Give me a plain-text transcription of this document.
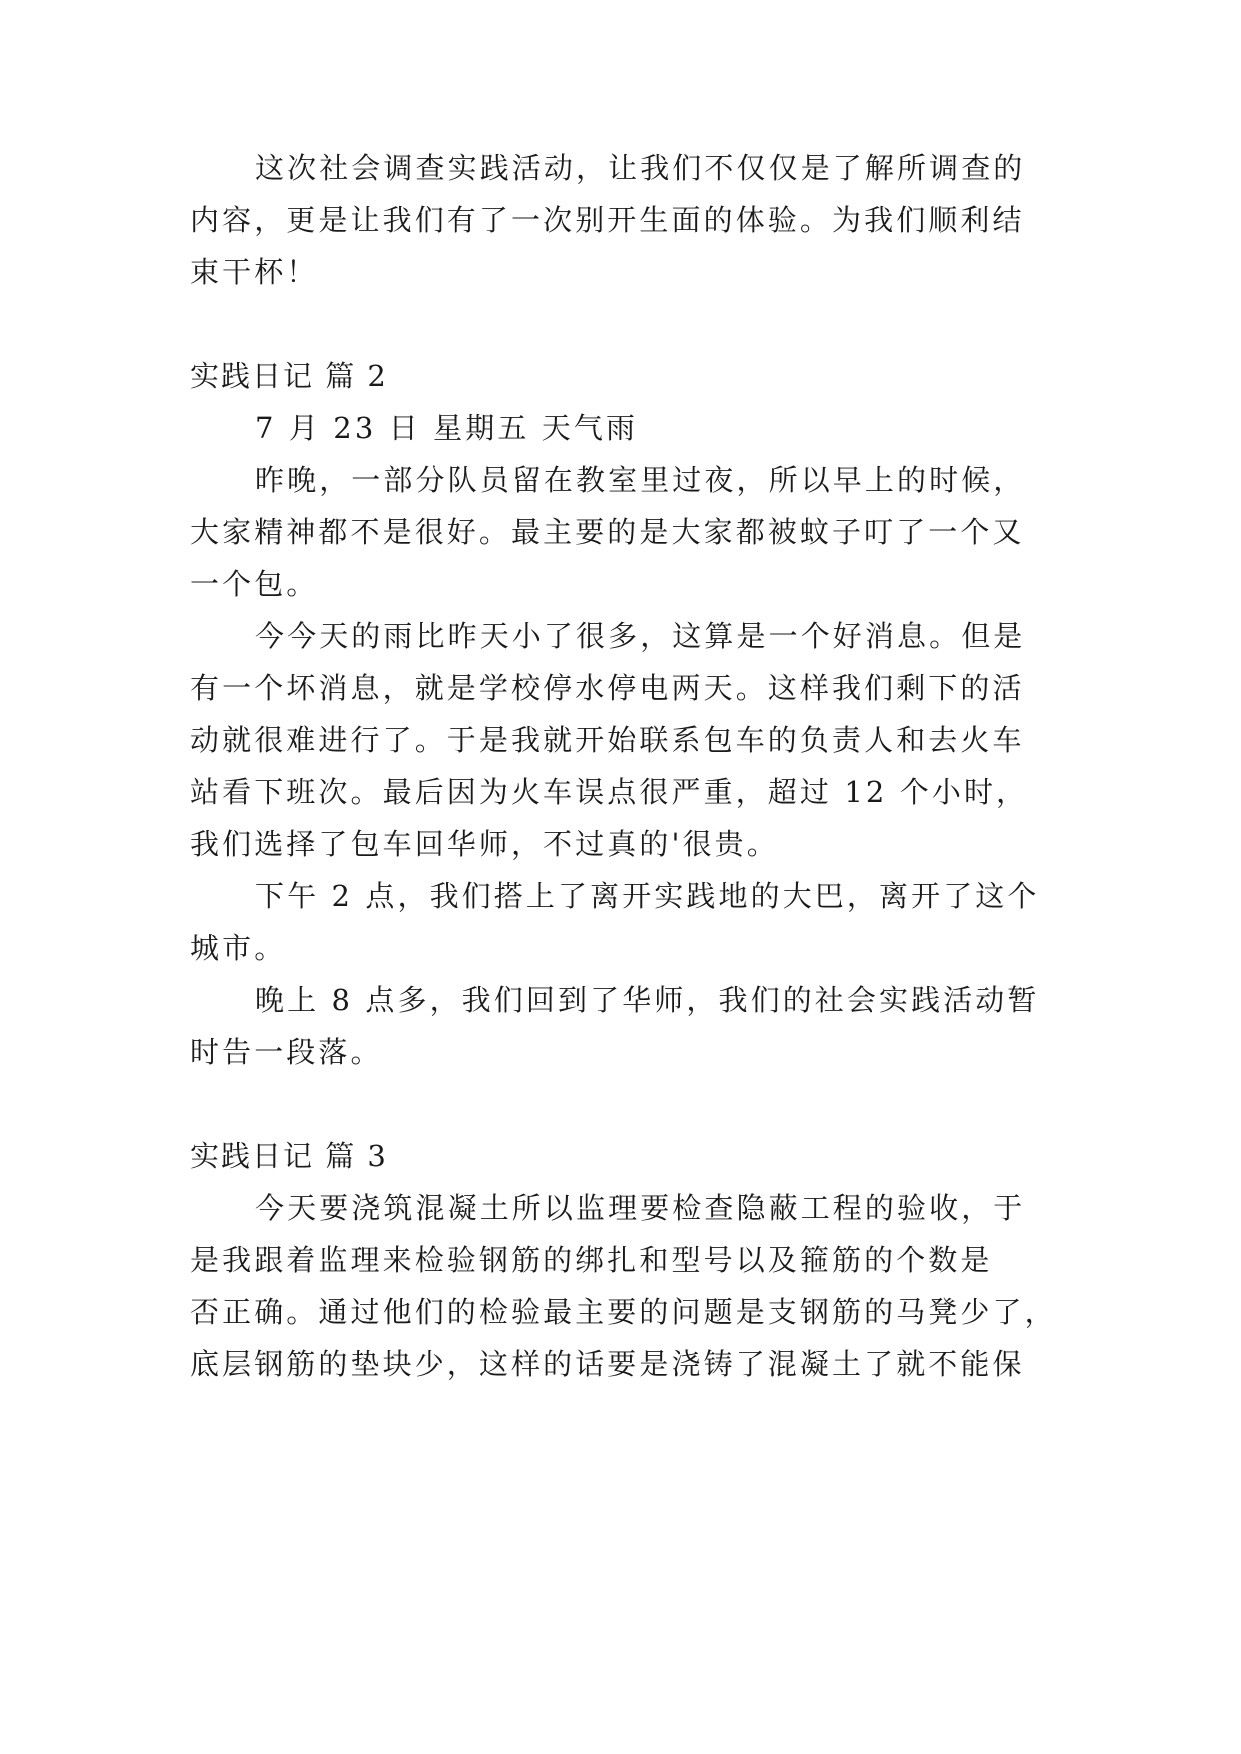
这次社会调查实践活动，让我们不仅仅是了解所调查的
内容，更是让我们有了一次别开生面的体验。为我们顺利结
束干杯！
实践日记 篇 2
7 月 23 日 星期五 天气雨
昨晚，一部分队员留在教室里过夜，所以早上的时候，
大家精神都不是很好。最主要的是大家都被蚊子叮了一个又
一个包。
今今天的雨比昨天小了很多，这算是一个好消息。但是
有一个坏消息，就是学校停水停电两天。这样我们剩下的活
动就很难进行了。于是我就开始联系包车的负责人和去火车
站看下班次。最后因为火车误点很严重，超过 12 个小时，
我们选择了包车回华师，不过真的'很贵。
下午 2 点，我们搭上了离开实践地的大巴，离开了这个
城市。
晚上 8 点多，我们回到了华师，我们的社会实践活动暂
时告一段落。
实践日记 篇 3
今天要浇筑混凝土所以监理要检查隐蔽工程的验收，于
是我跟着监理来检验钢筋的绑扎和型号以及箍筋的个数是
否正确。通过他们的检验最主要的问题是支钢筋的马凳少了，
底层钢筋的垫块少，这样的话要是浇铸了混凝土了就不能保
